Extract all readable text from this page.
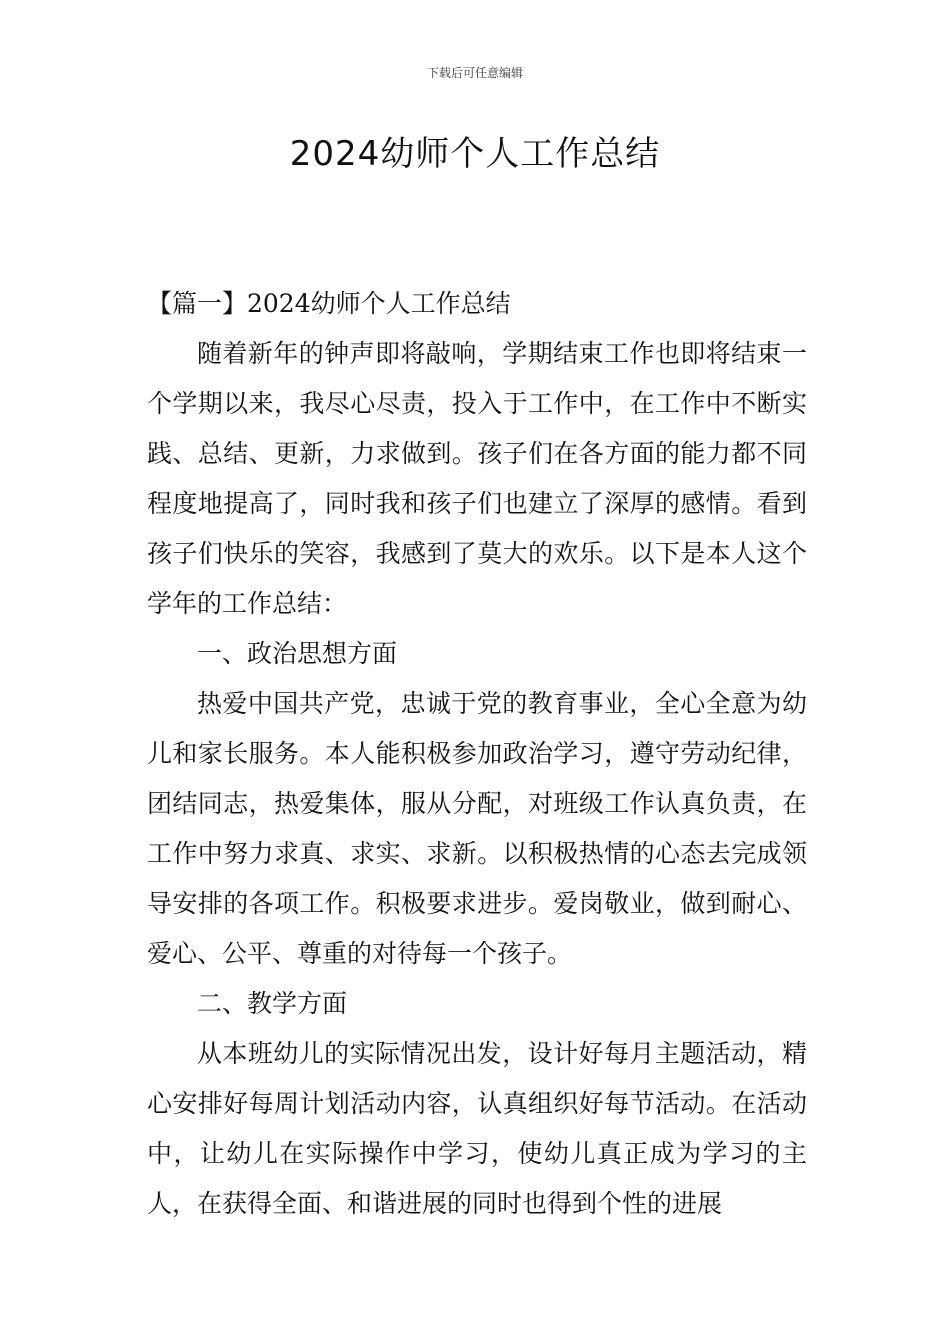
下载后可任意编辑
2024幼师个人工作总结

【篇一】2024幼师个人工作总结

随着新年的钟声即将敲响，学期结束工作也即将结束一个学期以来，我尽心尽责，投入于工作中，在工作中不断实践、总结、更新，力求做到。孩子们在各方面的能力都不同程度地提高了，同时我和孩子们也建立了深厚的感情。看到孩子们快乐的笑容，我感到了莫大的欢乐。以下是本人这个学年的工作总结：

一、政治思想方面

热爱中国共产党，忠诚于党的教育事业，全心全意为幼儿和家长服务。本人能积极参加政治学习，遵守劳动纪律，团结同志，热爱集体，服从分配，对班级工作认真负责，在工作中努力求真、求实、求新。以积极热情的心态去完成领导安排的各项工作。积极要求进步。爱岗敬业，做到耐心、爱心、公平、尊重的对待每一个孩子。

二、教学方面

从本班幼儿的实际情况出发，设计好每月主题活动，精心安排好每周计划活动内容，认真组织好每节活动。在活动中，让幼儿在实际操作中学习，使幼儿真正成为学习的主人，在获得全面、和谐进展的同时也得到个性的进展
